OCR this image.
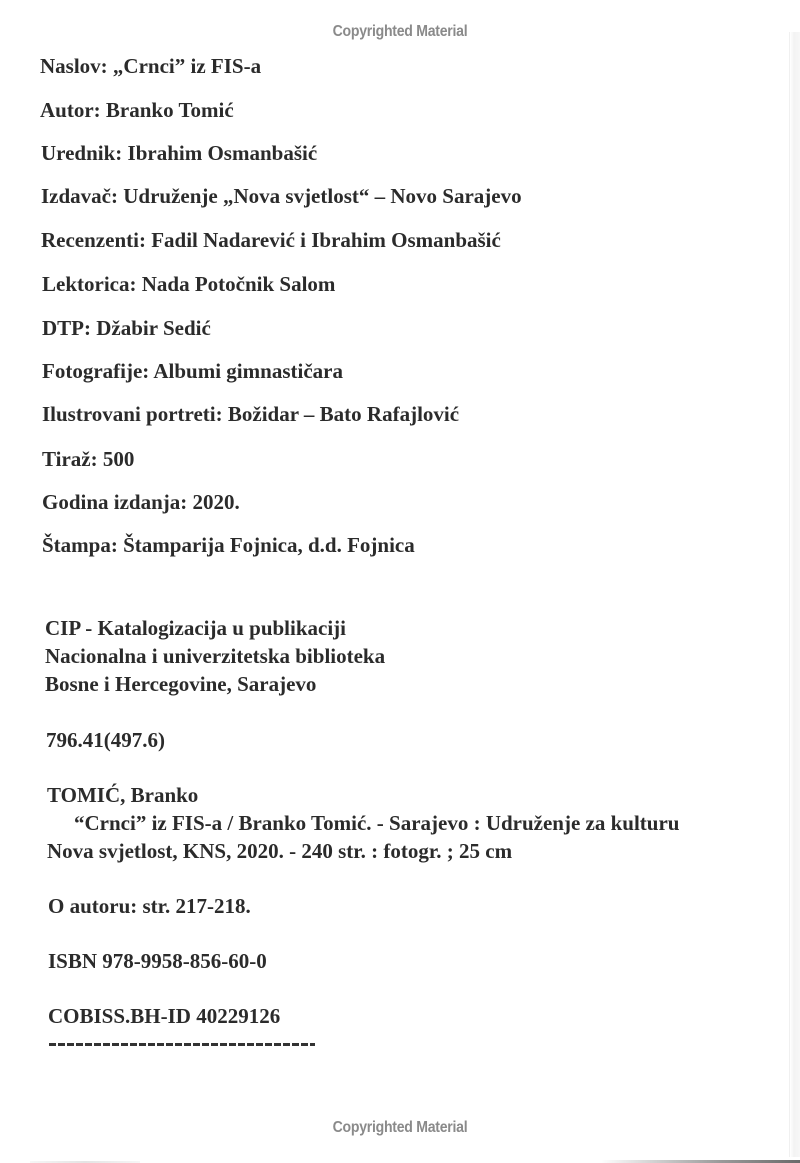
Copyrighted Material
Naslov: „Crnci” iz FIS-a
Autor: Branko Tomić
Urednik: Ibrahim Osmanbašić
Izdavač: Udruženje „Nova svjetlost“ – Novo Sarajevo
Recenzenti: Fadil Nadarević i Ibrahim Osmanbašić
Lektorica: Nada Potočnik Salom
DTP: Džabir Sedić
Fotografije: Albumi gimnastičara
Ilustrovani portreti: Božidar – Bato Rafajlović
Tiraž: 500
Godina izdanja: 2020.
Štampa: Štamparija Fojnica, d.d. Fojnica
CIP - Katalogizacija u publikaciji
Nacionalna i univerzitetska biblioteka
Bosne i Hercegovine, Sarajevo
796.41(497.6)
TOMIĆ, Branko
“Crnci” iz FIS-a / Branko Tomić. - Sarajevo : Udruženje za kulturu
Nova svjetlost, KNS, 2020. - 240 str. : fotogr. ; 25 cm
O autoru: str. 217-218.
ISBN 978-9958-856-60-0
COBISS.BH-ID 40229126
Copyrighted Material
